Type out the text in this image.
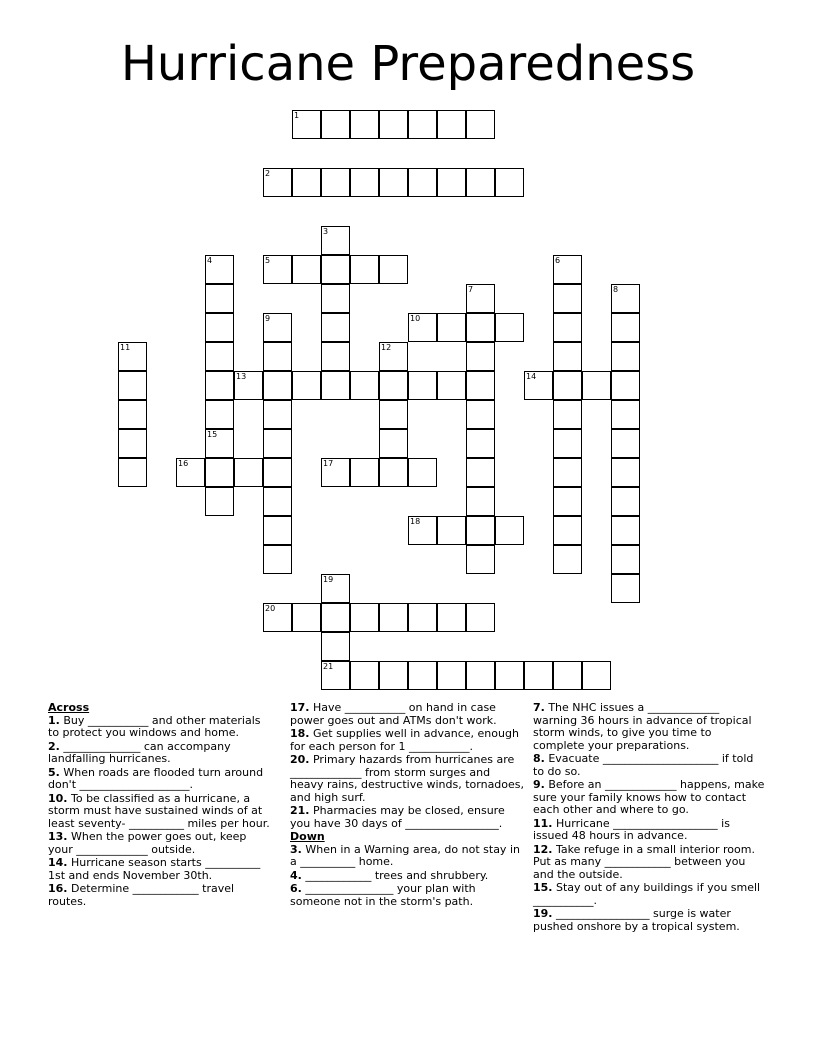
Hurricane Preparedness
1
2
5
10
13	14
16	17
18
20
21
3
4
15
6
7	8
9
11	12
19
Across
1. Buy ___________ and other materials to protect you windows and home.
2. ______________ can accompany landfalling hurricanes.
5. When roads are flooded turn around don't ____________________.
10. To be classified as a hurricane, a storm must have sustained winds of at least seventy- __________ miles per hour.
13. When the power goes out, keep your _____________ outside.
14. Hurricane season starts __________ 1st and ends November 30th.
16. Determine ____________ travel routes.
17. Have ___________ on hand in case power goes out and ATMs don't work.
18. Get supplies well in advance, enough for each person for 1 ___________.
20. Primary hazards from hurricanes are _____________ from storm surges and heavy rains, destructive winds, tornadoes, and high surf.
21. Pharmacies may be closed, ensure you have 30 days of _________________.
Down
3. When in a Warning area, do not stay in a __________ home.
4. ____________ trees and shrubbery.
6. ________________ your plan with someone not in the storm's path.
7. The NHC issues a _____________ warning 36 hours in advance of tropical storm winds, to give you time to complete your preparations.
8. Evacuate _____________________ if told to do so.
9. Before an _____________ happens, make sure your family knows how to contact each other and where to go.
11. Hurricane ___________________ is issued 48 hours in advance.
12. Take refuge in a small interior room. Put as many ____________ between you and the outside.
15. Stay out of any buildings if you smell ___________.
19. _________________ surge is water pushed onshore by a tropical system.
